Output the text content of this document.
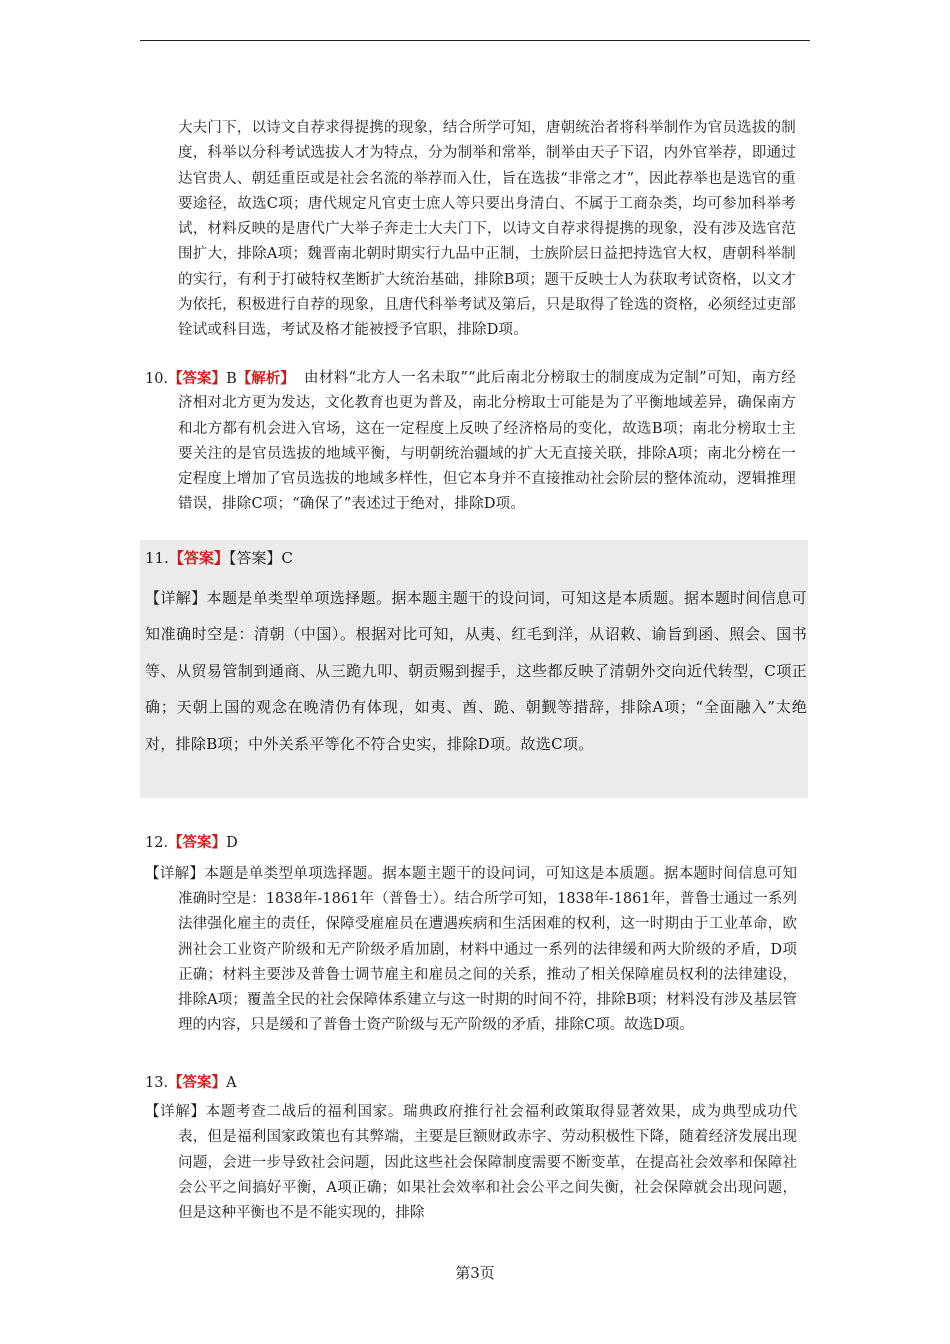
大夫门下，以诗文自荐求得提携的现象，结合所学可知，唐朝统治者将科举制作为官员选拔的制度，科举以分科考试选拔人才为特点，分为制举和常举，制举由天子下诏，内外官举荐，即通过达官贵人、朝廷重臣或是社会名流的举荐而入仕，旨在选拔“非常之才”，因此荐举也是选官的重要途径，故选C项；唐代规定凡官吏士庶人等只要出身清白、不属于工商杂类，均可参加科举考试，材料反映的是唐代广大举子奔走士大夫门下，以诗文自荐求得提携的现象，没有涉及选官范围扩大，排除A项；魏晋南北朝时期实行九品中正制，士族阶层日益把持选官大权，唐朝科举制的实行，有利于打破特权垄断扩大统治基础，排除B项；题干反映士人为获取考试资格，以文才为依托，积极进行自荐的现象，且唐代科举考试及第后，只是取得了铨选的资格，必须经过吏部铨试或科目选，考试及格才能被授予官职，排除D项。

10.【答案】B【解析】 由材料“北方人一名未取”“此后南北分榜取士的制度成为定制”可知，南方经济相对北方更为发达，文化教育也更为普及，南北分榜取士可能是为了平衡地域差异，确保南方和北方都有机会进入官场，这在一定程度上反映了经济格局的变化，故选B项；南北分榜取士主要关注的是官员选拔的地域平衡，与明朝统治疆域的扩大无直接关联，排除A项；南北分榜在一定程度上增加了官员选拔的地域多样性，但它本身并不直接推动社会阶层的整体流动，逻辑推理错误，排除C项；“确保了”表述过于绝对，排除D项。

11.【答案】【答案】C

【详解】本题是单类型单项选择题。据本题主题干的设问词，可知这是本质题。据本题时间信息可知准确时空是：清朝（中国）。根据对比可知，从夷、红毛到洋，从诏敕、谕旨到函、照会、国书等、从贸易管制到通商、从三跪九叩、朝贡赐到握手，这些都反映了清朝外交向近代转型，C项正确；天朝上国的观念在晚清仍有体现，如夷、酋、跪、朝觐等措辞，排除A项；“全面融入”太绝对，排除B项；中外关系平等化不符合史实，排除D项。故选C项。

12.【答案】D

【详解】本题是单类型单项选择题。据本题主题干的设问词，可知这是本质题。据本题时间信息可知准确时空是：1838年-1861年（普鲁士）。结合所学可知，1838年-1861年，普鲁士通过一系列法律强化雇主的责任，保障受雇雇员在遭遇疾病和生活困难的权利，这一时期由于工业革命，欧洲社会工业资产阶级和无产阶级矛盾加剧，材料中通过一系列的法律缓和两大阶级的矛盾，D项正确；材料主要涉及普鲁士调节雇主和雇员之间的关系，推动了相关保障雇员权利的法律建设，排除A项；覆盖全民的社会保障体系建立与这一时期的时间不符，排除B项；材料没有涉及基层管理的内容，只是缓和了普鲁士资产阶级与无产阶级的矛盾，排除C项。故选D项。

13.【答案】A

【详解】本题考查二战后的福利国家。瑞典政府推行社会福利政策取得显著效果，成为典型成功代表，但是福利国家政策也有其弊端，主要是巨额财政赤字、劳动积极性下降，随着经济发展出现问题，会进一步导致社会问题，因此这些社会保障制度需要不断变革，在提高社会效率和保障社会公平之间搞好平衡，A项正确；如果社会效率和社会公平之间失衡，社会保障就会出现问题，但是这种平衡也不是不能实现的，排除

第3页
